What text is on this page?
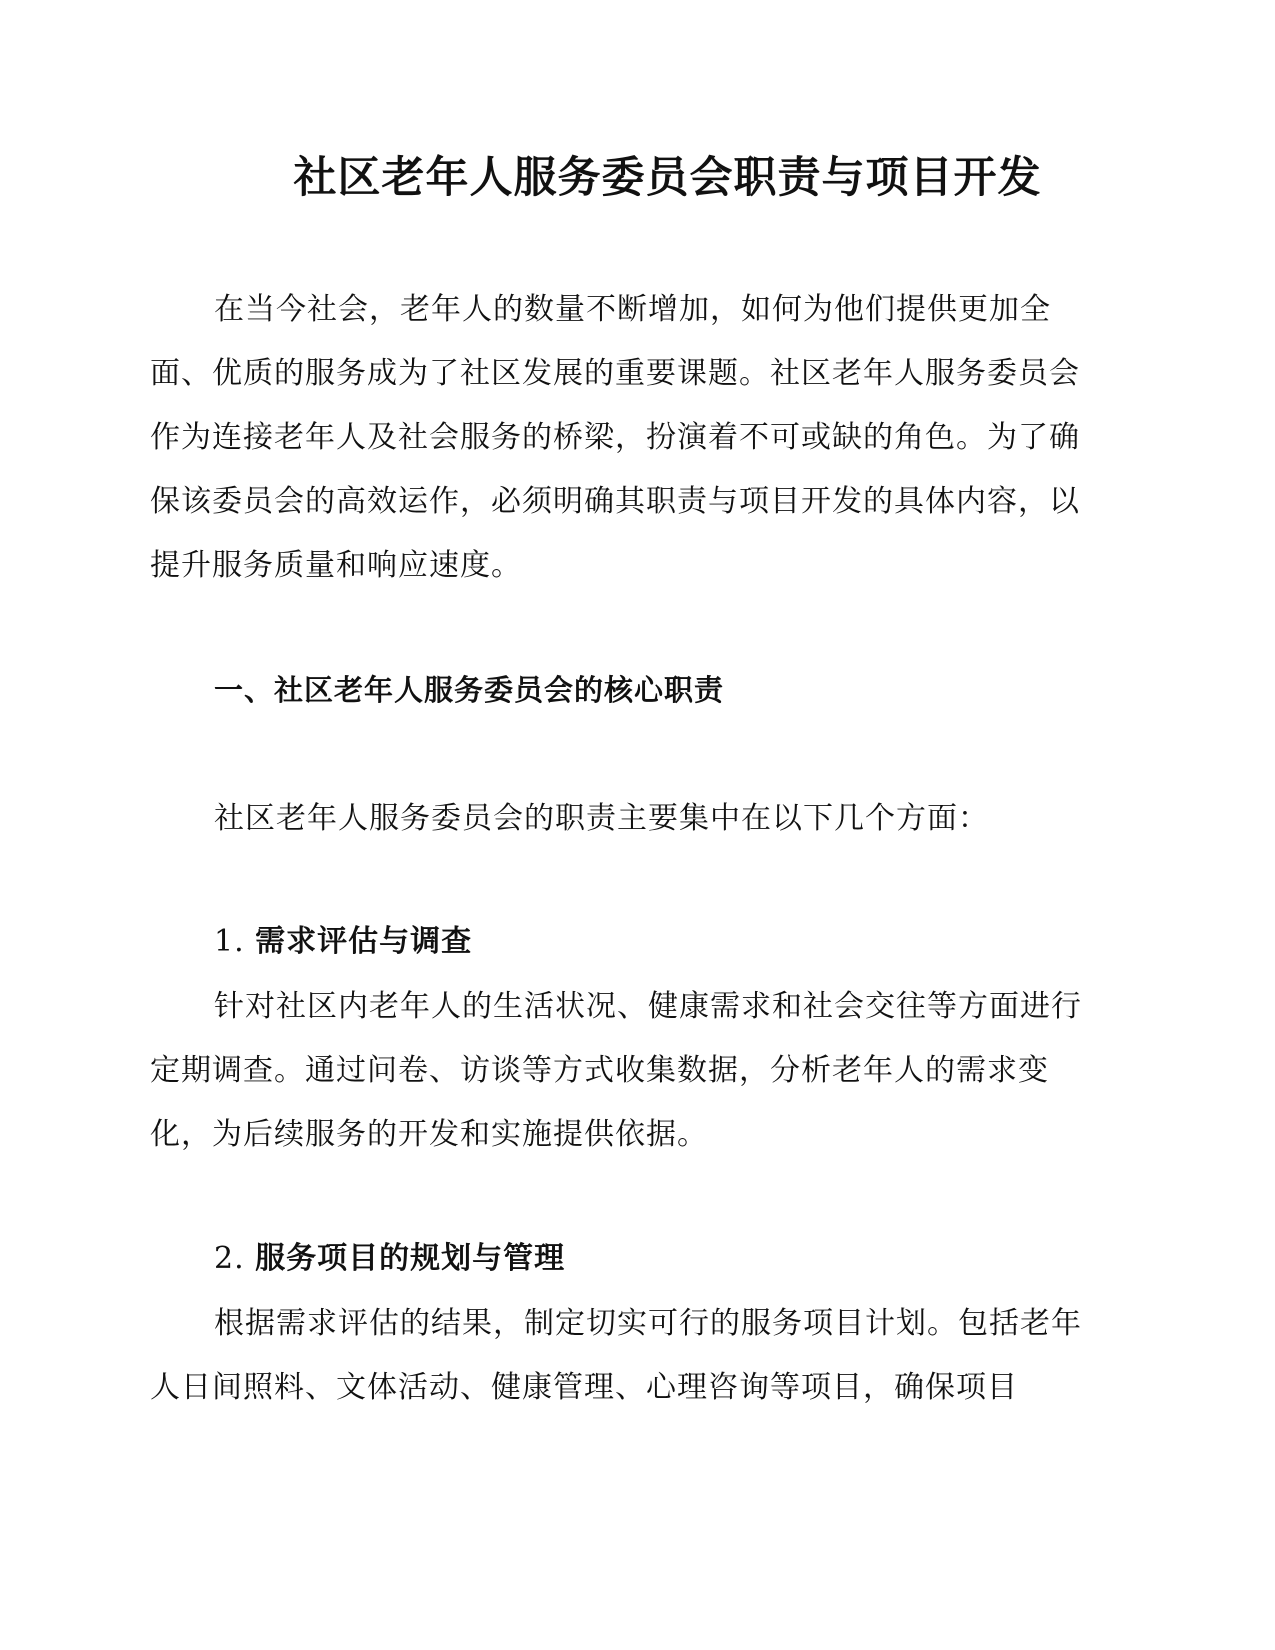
社区老年人服务委员会职责与项目开发

在当今社会，老年人的数量不断增加，如何为他们提供更加全面、优质的服务成为了社区发展的重要课题。社区老年人服务委员会作为连接老年人及社会服务的桥梁，扮演着不可或缺的角色。为了确保该委员会的高效运作，必须明确其职责与项目开发的具体内容，以提升服务质量和响应速度。

一、社区老年人服务委员会的核心职责

社区老年人服务委员会的职责主要集中在以下几个方面：

1. 需求评估与调查

针对社区内老年人的生活状况、健康需求和社会交往等方面进行定期调查。通过问卷、访谈等方式收集数据，分析老年人的需求变化，为后续服务的开发和实施提供依据。

2. 服务项目的规划与管理

根据需求评估的结果，制定切实可行的服务项目计划。包括老年人日间照料、文体活动、健康管理、心理咨询等项目，确保项目
